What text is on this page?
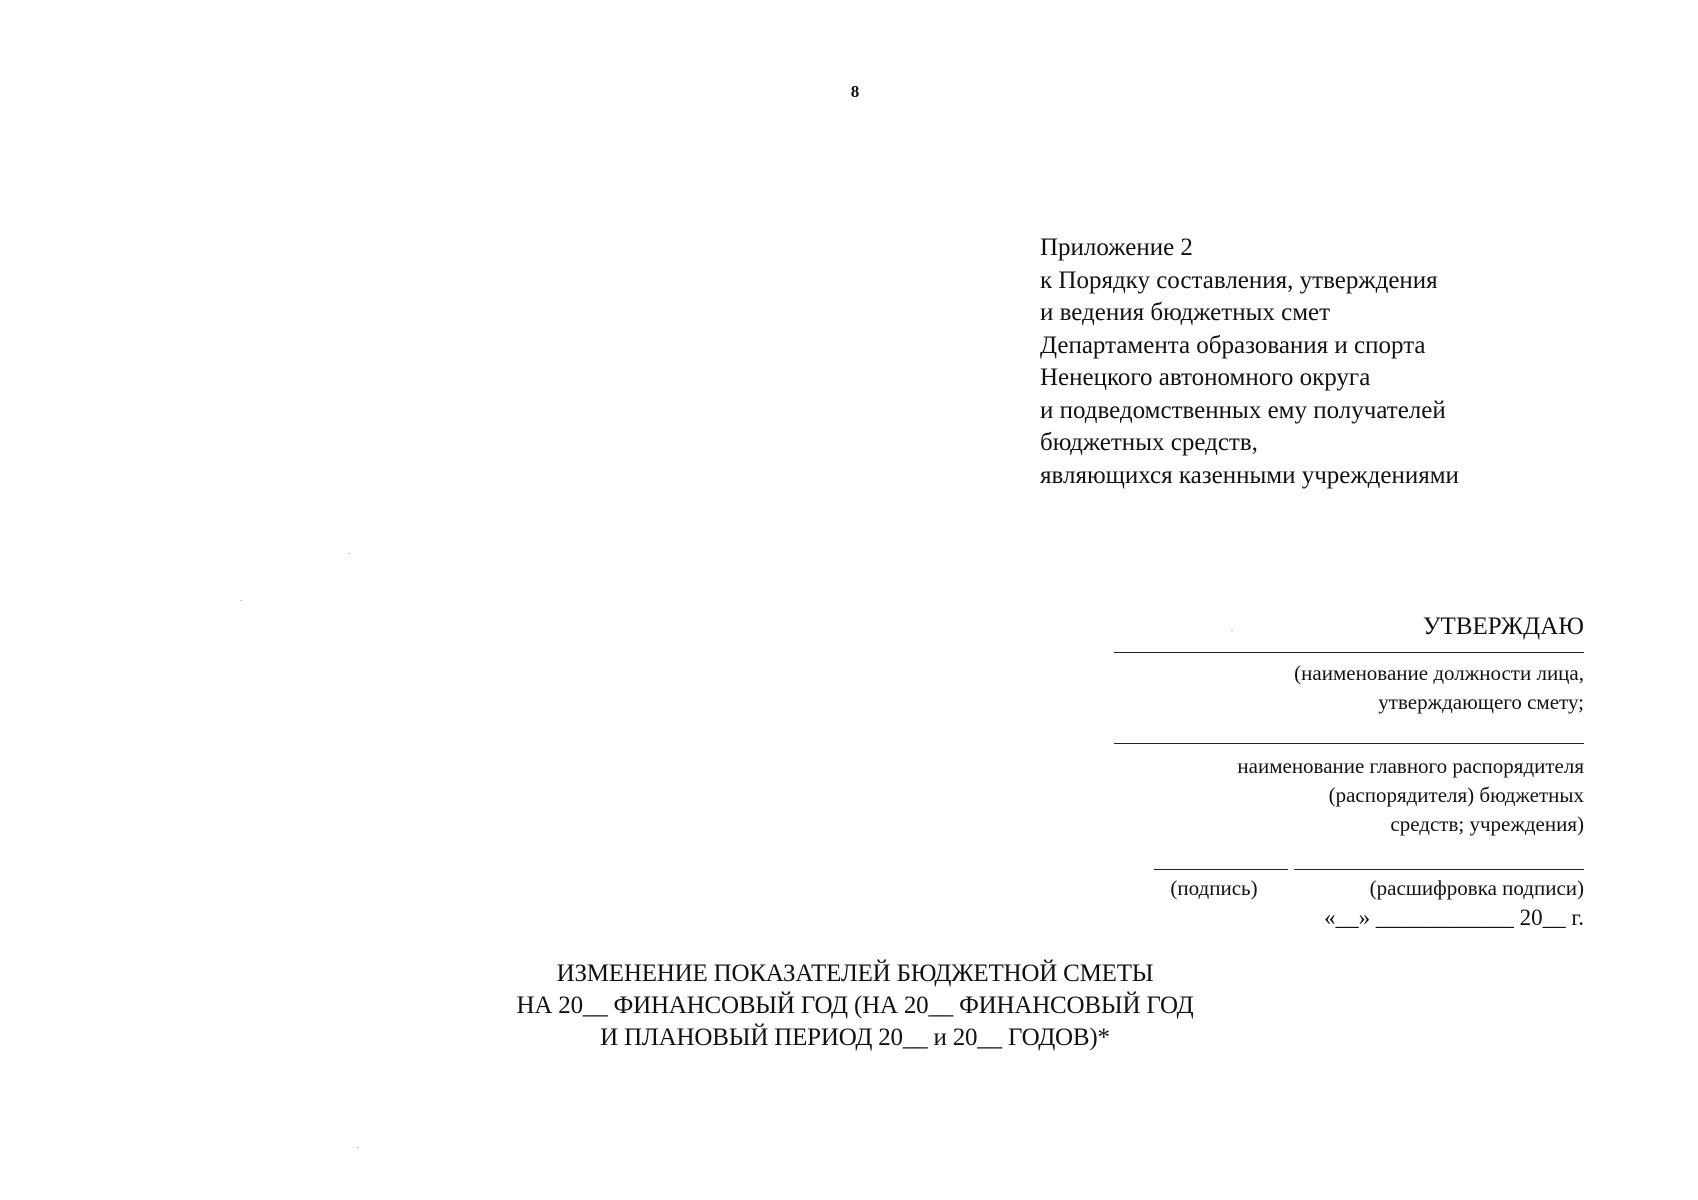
8
Приложение 2
к Порядку составления, утверждения
и ведения бюджетных смет
Департамента образования и спорта
Ненецкого автономного округа
и подведомственных ему получателей
бюджетных средств,
являющихся казенными учреждениями
УТВЕРЖДАЮ
(наименование должности лица,
утверждающего смету;
наименование главного распорядителя
(распорядителя) бюджетных
средств; учреждения)
(подпись)	(расшифровка подписи)
«__» ____________ 20__ г.
ИЗМЕНЕНИЕ ПОКАЗАТЕЛЕЙ БЮДЖЕТНОЙ СМЕТЫ
НА 20__ ФИНАНСОВЫЙ ГОД (НА 20__ ФИНАНСОВЫЙ ГОД
И ПЛАНОВЫЙ ПЕРИОД 20__ и 20__ ГОДОВ)*
